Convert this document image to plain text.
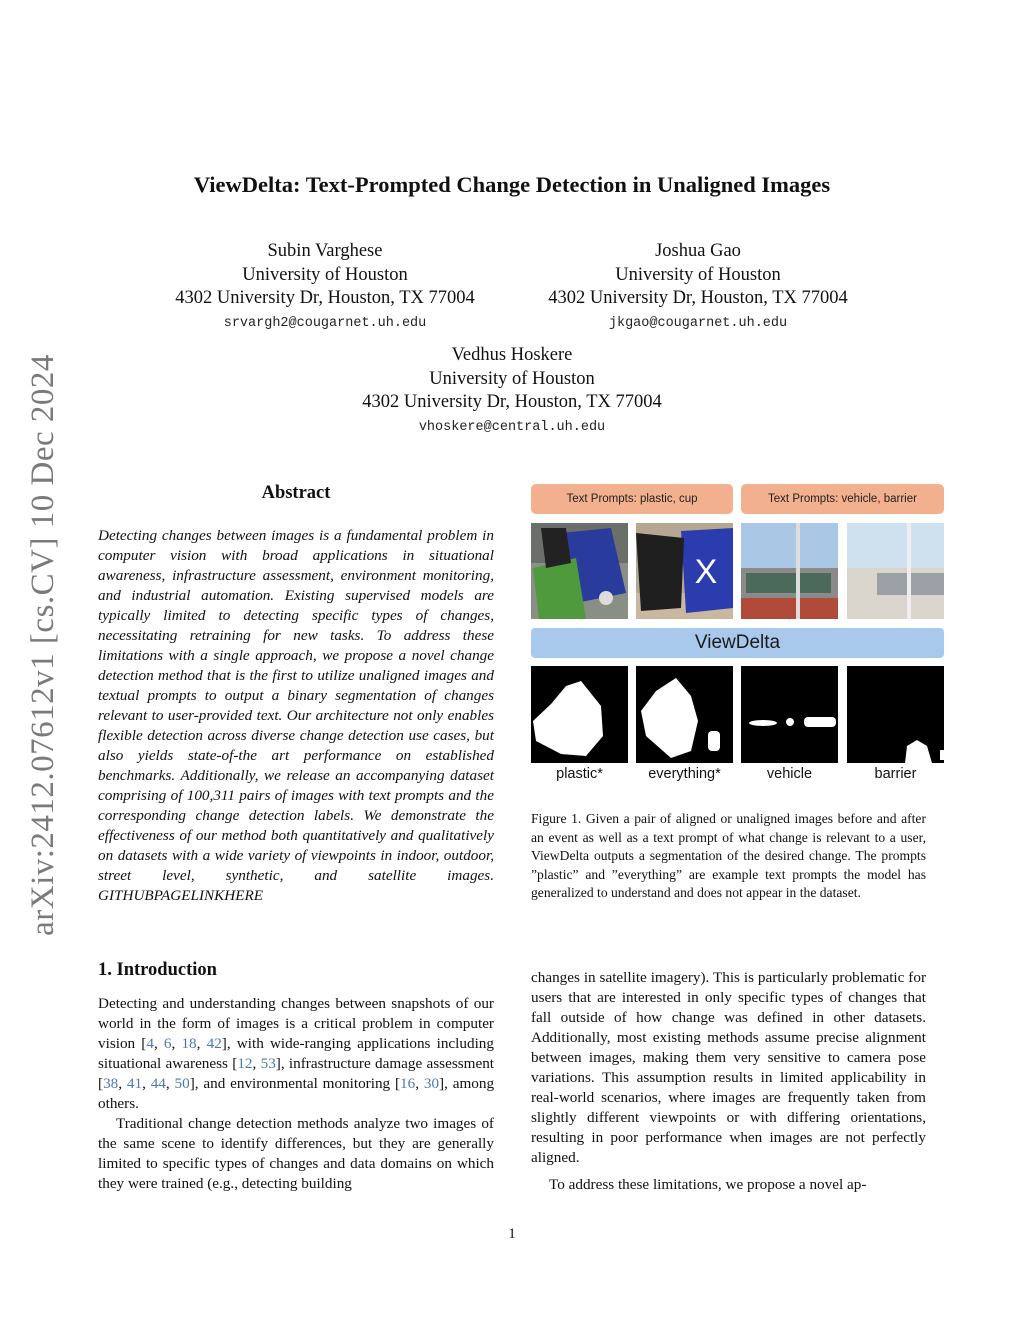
arXiv:2412.07612v1 [cs.CV] 10 Dec 2024
ViewDelta: Text-Prompted Change Detection in Unaligned Images
Subin Varghese
University of Houston
4302 University Dr, Houston, TX 77004
srvargh2@cougarnet.uh.edu
Joshua Gao
University of Houston
4302 University Dr, Houston, TX 77004
jkgao@cougarnet.uh.edu
Vedhus Hoskere
University of Houston
4302 University Dr, Houston, TX 77004
vhoskere@central.uh.edu
Abstract
Detecting changes between images is a fundamental problem in computer vision with broad applications in situational awareness, infrastructure assessment, environment monitoring, and industrial automation. Existing supervised models are typically limited to detecting specific types of changes, necessitating retraining for new tasks. To address these limitations with a single approach, we propose a novel change detection method that is the first to utilize unaligned images and textual prompts to output a binary segmentation of changes relevant to user-provided text. Our architecture not only enables flexible detection across diverse change detection use cases, but also yields state-of-the art performance on established benchmarks. Additionally, we release an accompanying dataset comprising of 100,311 pairs of images with text prompts and the corresponding change detection labels. We demonstrate the effectiveness of our method both quantitatively and qualitatively on datasets with a wide variety of viewpoints in indoor, outdoor, street level, synthetic, and satellite images. GITHUBPAGELINKHERE
Text Prompts: plastic, cup	Text Prompts: vehicle, barrier
X
ViewDelta
plastic*	everything*	vehicle	barrier
Figure 1. Given a pair of aligned or unaligned images before and after an event as well as a text prompt of what change is relevant to a user, ViewDelta outputs a segmentation of the desired change. The prompts ”plastic” and ”everything” are example text prompts the model has generalized to understand and does not appear in the dataset.
1. Introduction

Detecting and understanding changes between snapshots of our world in the form of images is a critical problem in computer vision [4, 6, 18, 42], with wide-ranging applications including situational awareness [12, 53], infrastructure damage assessment [38, 41, 44, 50], and environmental monitoring [16, 30], among others.

Traditional change detection methods analyze two images of the same scene to identify differences, but they are generally limited to specific types of changes and data domains on which they were trained (e.g., detecting building

changes in satellite imagery). This is particularly problematic for users that are interested in only specific types of changes that fall outside of how change was defined in other datasets. Additionally, most existing methods assume precise alignment between images, making them very sensitive to camera pose variations. This assumption results in limited applicability in real-world scenarios, where images are frequently taken from slightly different viewpoints or with differing orientations, resulting in poor performance when images are not perfectly aligned.

To address these limitations, we propose a novel ap-

1
